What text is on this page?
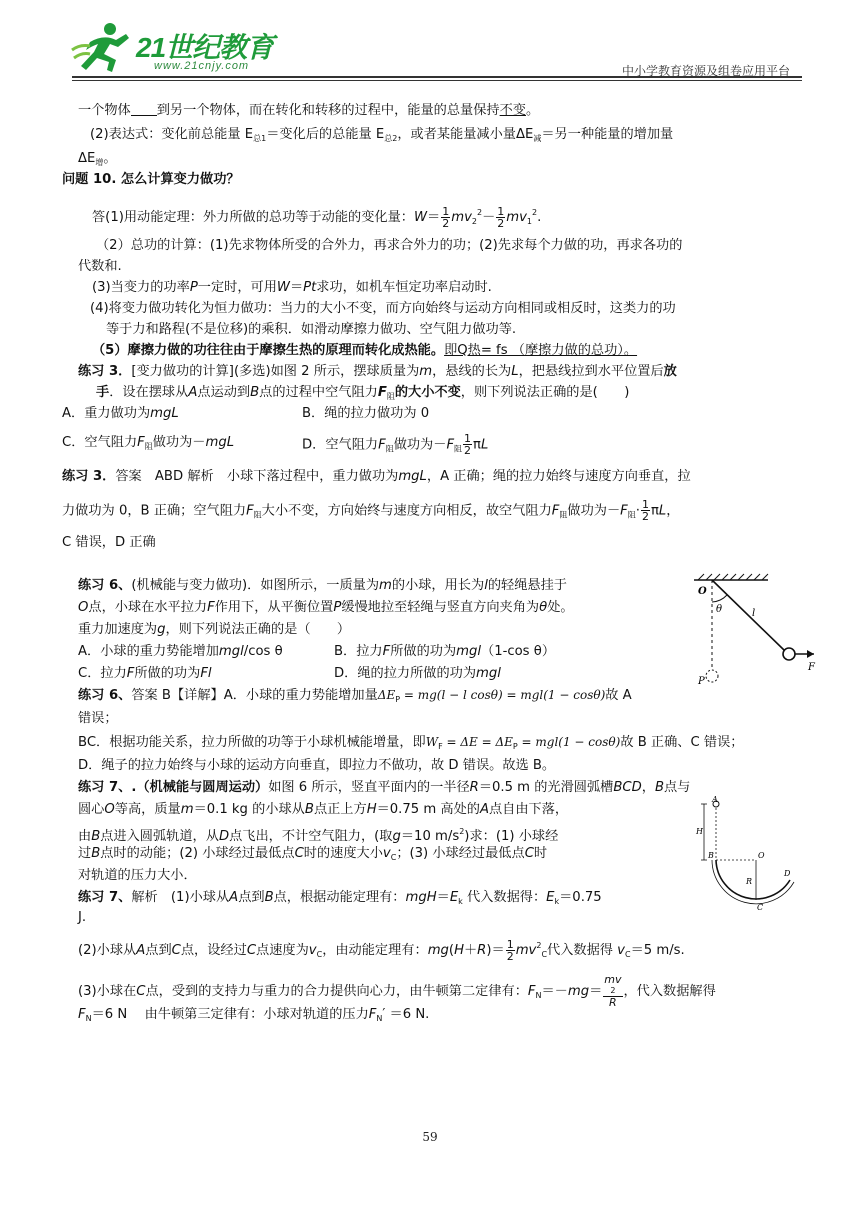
21世纪教育
www.21cnjy.com	中小学教育资源及组卷应用平台
一个物体 到另一个物体，而在转化和转移的过程中，能量的总量保持不变。
(2)表达式：变化前总能量 $E_{总1}=$变化后的总能量 $E_{总2}$，或者某能量减小量$\Delta E_减=$另一种能量的增加量
$\Delta E_增$。
问题 10. 怎么计算变力做功？
答(1)用动能定理：外力所做的总功等于动能的变化量：$W= \frac{1}{2} mv_2^2- \frac{1}{2} mv_1^2$.
（2）总功的计算：(1)先求物体所受的合外力，再求合外力的功；(2)先求每个力做的功，再求各功的
代数和.
(3)当变力的功率P一定时，可用W＝Pt求功，如机车恒定功率启动时.
(4)将变力做功转化为恒力做功：当力的大小不变，而方向始终与运动方向相同或相反时，这类力的功
等于力和路程(不是位移)的乘积．如滑动摩擦力做功、空气阻力做功等.
（5）摩擦力做的功往往由于摩擦生热的原理而转化成热能。即Q热= fs （摩擦力做的总功）。
练习 3．[变力做功的计算](多选)如图 2 所示，摆球质量为m，悬线的长为L，把悬线拉到水平位置后放
手．设在摆球从A点运动到B点的过程中空气阻力$F_阻$的大小不变，则下列说法正确的是(　　)
A．重力做功为mgL	B．绳的拉力做功为 0
C．空气阻力$F_阻$做功为－mgL	D．空气阻力$F_阻$做功为$-F_阻 \frac{1}{2}$ πL
练习 3．答案　ABD 解析　小球下落过程中，重力做功为mgL，A 正确；绳的拉力始终与速度方向垂直，拉
力做功为 0，B 正确；空气阻力$F_阻$大小不变，方向始终与速度方向相反，故空气阻力$F_阻$做功为$-F_阻\cdot \frac{1}{2}$ πL，
C 错误，D 正确
练习 6、(机械能与变力做功)．如图所示，一质量为m的小球，用长为l的轻绳悬挂于
O点，小球在水平拉力F作用下，从平衡位置P缓慢地拉至轻绳与竖直方向夹角为θ处。
重力加速度为g，则下列说法正确的是（　　）
A．小球的重力势能增加mgl/cos θ	B．拉力F所做的功为mgl（1-cos θ）
C．拉力F所做的功为Fl	D．绳的拉力所做的功为mgl
练习 6、答案 B【详解】A．小球的重力势能增加量$\Delta E_P = mg(l - l$ cosθ) = mgl(1 − cosθ)故 A
错误；
BC．根据功能关系，拉力所做的功等于小球机械能增量，即$W_F = \Delta E = \Delta E_P = mgl(1 - \cos\theta)$故 B 正确、C 错误；
D．绳子的拉力始终与小球的运动方向垂直，即拉力不做功，故 D 错误。故选 B。
O
θ	l
F
P
练习 7、.（机械能与圆周运动）如图 6 所示，竖直平面内的一半径R＝0.5 m 的光滑圆弧槽BCD，B点与
圆心O等高，质量m＝0.1 kg 的小球从B点正上方H＝0.75 m 高处的A点自由下落，
由B点进入圆弧轨道，从D点飞出，不计空气阻力，(取g＝10 $m/s^2$)求：(1) 小球经
过B点时的动能；(2) 小球经过最低点C时的速度大小$v_C$；(3) 小球经过最低点C时
对轨道的压力大小．
A
H
B	O
R
C
D
练习 7、解析　(1)小球从A点到B点，根据动能定理有：$mgH=E_k$ 代入数据得：$E_k=0.75$
J.
(2)小球从A点到C点，设经过C点速度为$v_C$，由动能定理有：$mg(H+R)= \frac{1}{2} mv^2_C$代入数据得 $v_C=5$ m/s.
(3)小球在C点，受到的支持力与重力的合力提供向心力，由牛顿第二定律有：$F_N=-mg=$ mv
2
R ，代入数据解得
$F_N=6$ N　 由牛顿第三定律有：小球对轨道的压力$F_N' =6$ N.
59
